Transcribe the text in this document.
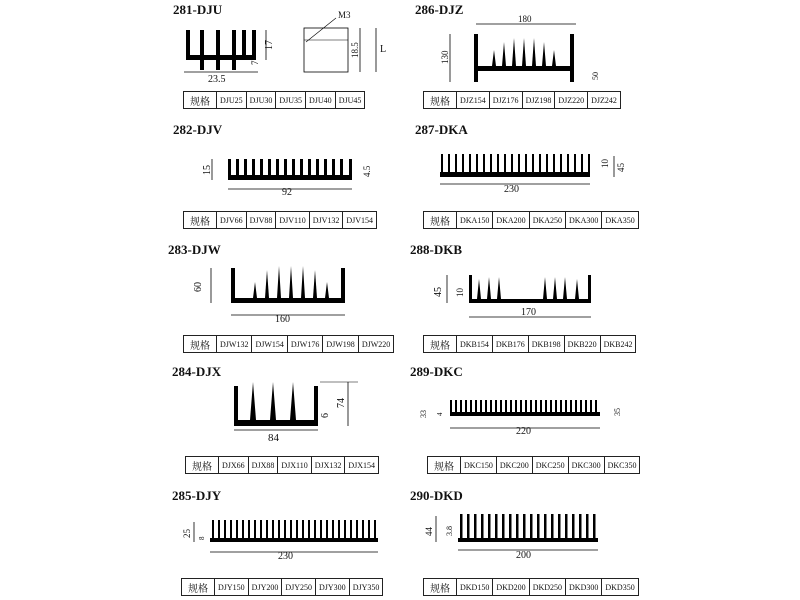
281-DJU
23.5
17
7
M3
18.5 L
规格	DJU25	DJU30	DJU35	DJU40	DJU45
282-DJV
15
92
4.5
规格	DJV66	DJV88	DJV110	DJV132	DJV154
283-DJW
60
160
规格	DJW132	DJW154	DJW176	DJW198	DJW220
284-DJX
84
74
6
规格	DJX66	DJX88	DJX110	DJX132	DJX154
285-DJY
25
8
230
规格	DJY150	DJY200	DJY250	DJY300	DJY350
286-DJZ
180
130
50
规格	DJZ154	DJZ176	DJZ198	DJZ220	DJZ242
287-DKA
230
10 45
规格	DKA150	DKA200	DKA250	DKA300	DKA350
288-DKB
45 10
170
规格	DKB154	DKB176	DKB198	DKB220	DKB242
289-DKC
33 4
220
35
规格	DKC150	DKC200	DKC250	DKC300	DKC350
290-DKD
44 3.8
200
规格	DKD150	DKD200	DKD250	DKD300	DKD350
